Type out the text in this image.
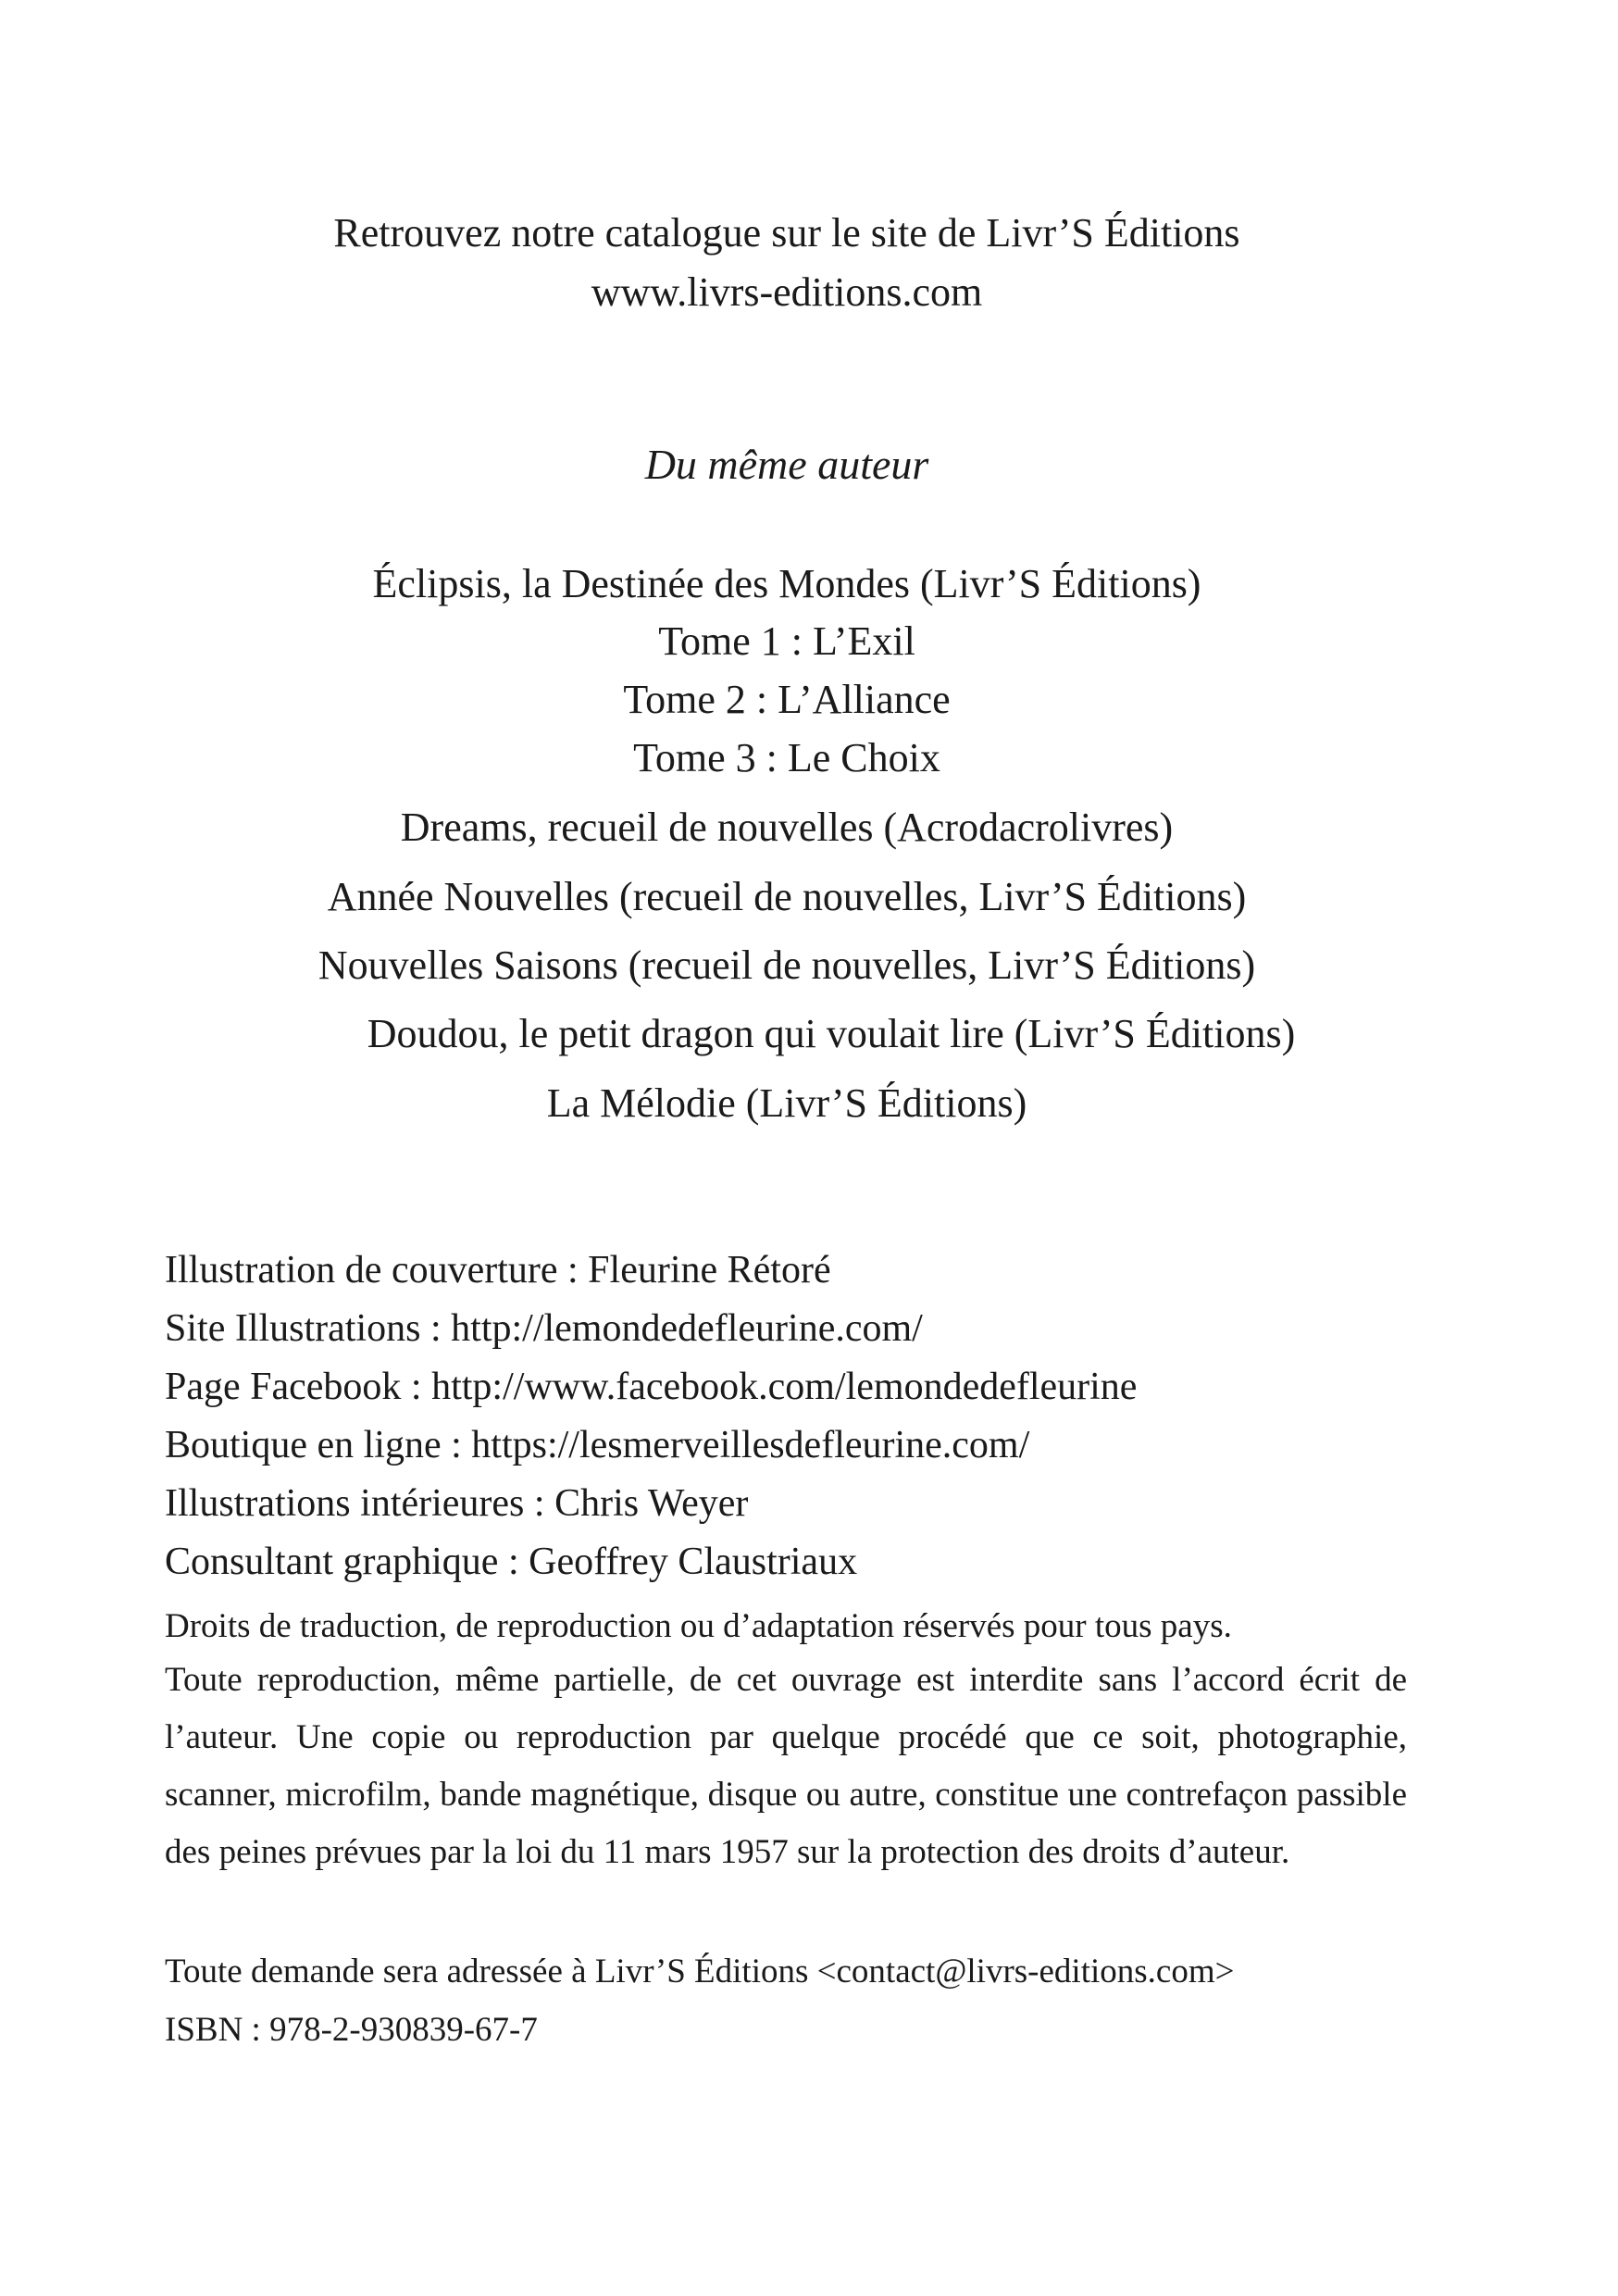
Retrouvez notre catalogue sur le site de Livr’S Éditions

www.livrs-editions.com

Du même auteur

Éclipsis, la Destinée des Mondes (Livr’S Éditions)

Tome 1 : L’Exil

Tome 2 : L’Alliance

Tome 3 : Le Choix

Dreams, recueil de nouvelles (Acrodacrolivres)

Année Nouvelles (recueil de nouvelles, Livr’S Éditions)

Nouvelles Saisons (recueil de nouvelles, Livr’S Éditions)

Doudou, le petit dragon qui voulait lire (Livr’S Éditions)

La Mélodie (Livr’S Éditions)

Illustration de couverture : Fleurine Rétoré

Site Illustrations : http://lemondedefleurine.com/

Page Facebook : http://www.facebook.com/lemondedefleurine

Boutique en ligne : https://lesmerveillesdefleurine.com/

Illustrations intérieures : Chris Weyer

Consultant graphique : Geoffrey Claustriaux

Droits de traduction, de reproduction ou d’adaptation réservés pour tous pays.

Toute reproduction, même partielle, de cet ouvrage est interdite sans l’accord écrit de l’auteur. Une copie ou reproduction par quelque procédé que ce soit, photographie, scanner, microfilm, bande magnétique, disque ou autre, constitue une contrefaçon passible des peines prévues par la loi du 11 mars 1957 sur la protection des droits d’auteur.

Toute demande sera adressée à Livr’S Éditions <contact@livrs-editions.com>

ISBN : 978-2-930839-67-7
